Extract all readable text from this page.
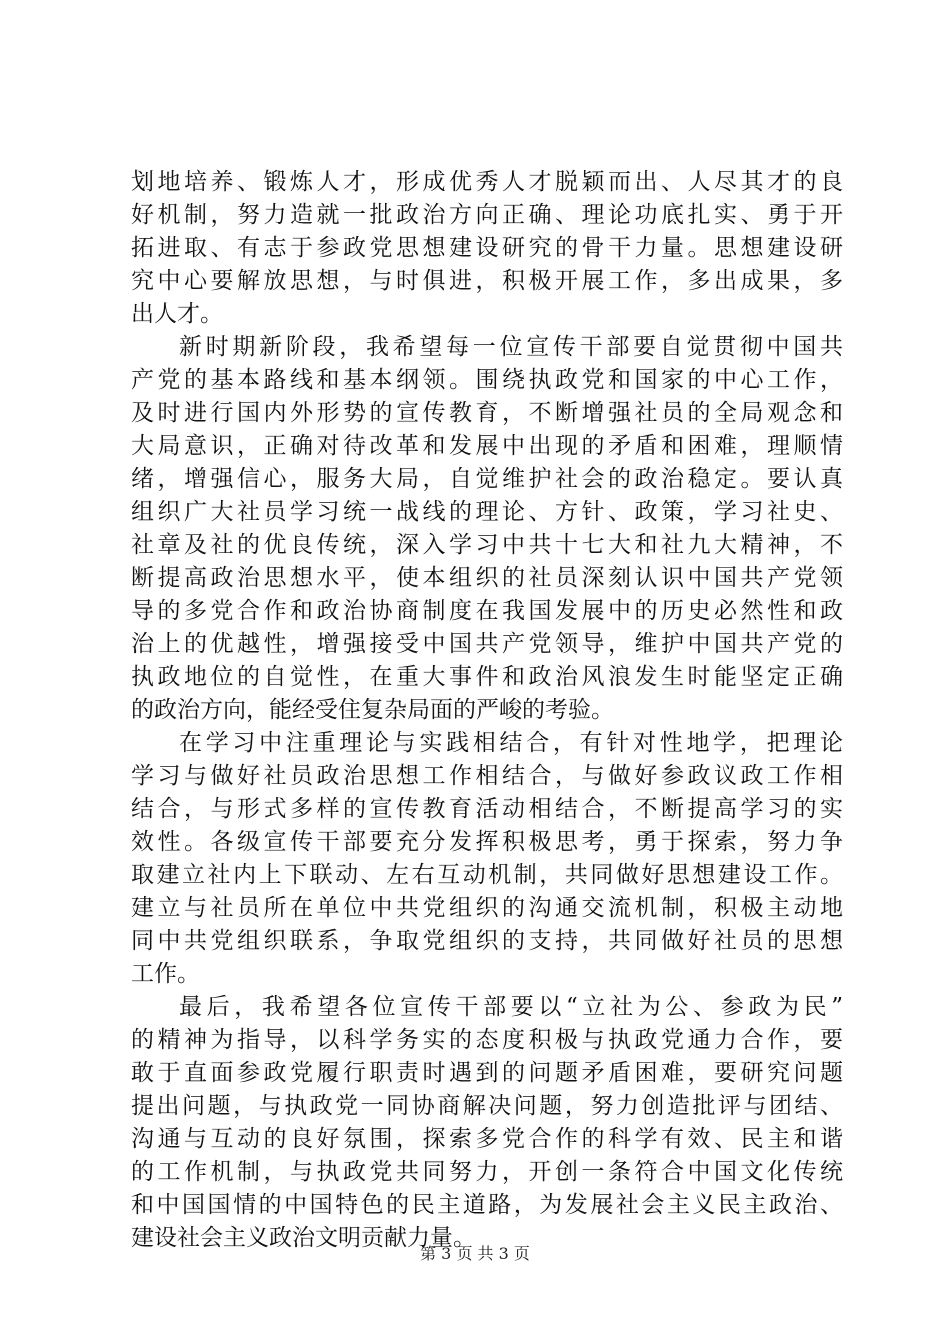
划地培养、锻炼人才，形成优秀人才脱颖而出、人尽其才的良
好机制，努力造就一批政治方向正确、理论功底扎实、勇于开
拓进取、有志于参政党思想建设研究的骨干力量。思想建设研
究中心要解放思想，与时俱进，积极开展工作，多出成果，多
出人才。
新时期新阶段，我希望每一位宣传干部要自觉贯彻中国共
产党的基本路线和基本纲领。围绕执政党和国家的中心工作，
及时进行国内外形势的宣传教育，不断增强社员的全局观念和
大局意识，正确对待改革和发展中出现的矛盾和困难，理顺情
绪，增强信心，服务大局，自觉维护社会的政治稳定。要认真
组织广大社员学习统一战线的理论、方针、政策，学习社史、
社章及社的优良传统，深入学习中共十七大和社九大精神，不
断提高政治思想水平，使本组织的社员深刻认识中国共产党领
导的多党合作和政治协商制度在我国发展中的历史必然性和政
治上的优越性，增强接受中国共产党领导，维护中国共产党的
执政地位的自觉性，在重大事件和政治风浪发生时能坚定正确
的政治方向，能经受住复杂局面的严峻的考验。
在学习中注重理论与实践相结合，有针对性地学，把理论
学习与做好社员政治思想工作相结合，与做好参政议政工作相
结合，与形式多样的宣传教育活动相结合，不断提高学习的实
效性。各级宣传干部要充分发挥积极思考，勇于探索，努力争
取建立社内上下联动、左右互动机制，共同做好思想建设工作。
建立与社员所在单位中共党组织的沟通交流机制，积极主动地
同中共党组织联系，争取党组织的支持，共同做好社员的思想
工作。
最后，我希望各位宣传干部要以“立社为公、参政为民”
的精神为指导，以科学务实的态度积极与执政党通力合作，要
敢于直面参政党履行职责时遇到的问题矛盾困难，要研究问题
提出问题，与执政党一同协商解决问题，努力创造批评与团结、
沟通与互动的良好氛围，探索多党合作的科学有效、民主和谐
的工作机制，与执政党共同努力，开创一条符合中国文化传统
和中国国情的中国特色的民主道路，为发展社会主义民主政治、
建设社会主义政治文明贡献力量。
第 3 页 共 3 页
